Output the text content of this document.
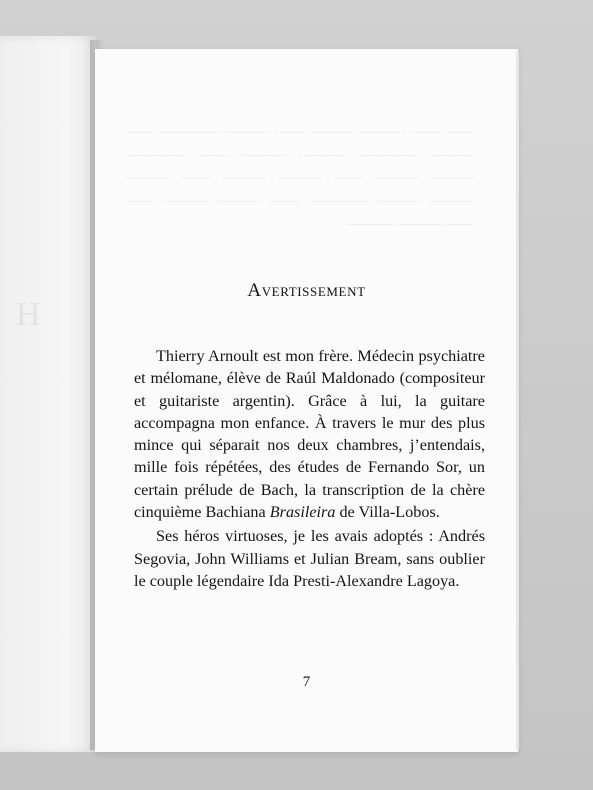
H
—— —— ——— ——— —— ——— ———— —— ——— ———— ——— ——— —— ———— ——— ——— —— ——— ——— —— ——— ——— ——— ———— —— ——— ——— —— —— ——— ———
Avertissement

Thierry Arnoult est mon frère. Médecin psychiatre et mélomane, élève de Raúl Maldonado (compositeur et guitariste argentin). Grâce à lui, la guitare accompagna mon enfance. À travers le mur des plus mince qui séparait nos deux chambres, j’entendais, mille fois répétées, des études de Fernando Sor, un certain prélude de Bach, la transcription de la chère cinquième Bachiana Brasileira de Villa-Lobos.

Ses héros virtuoses, je les avais adoptés : Andrés Segovia, John Williams et Julian Bream, sans oublier le couple légendaire Ida Presti-Alexandre Lagoya.

7
